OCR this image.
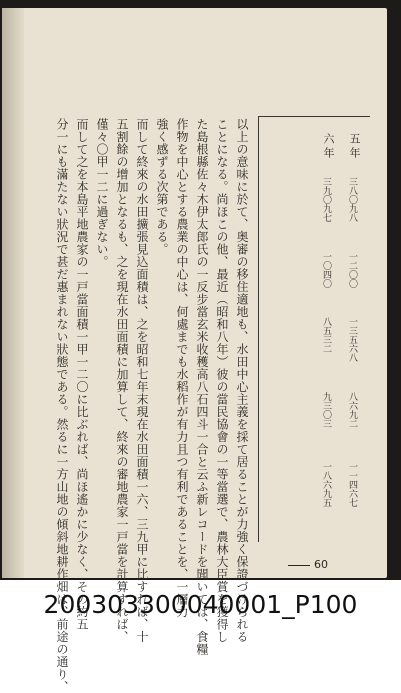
五年
六年
三八〇九八
一二〇〇
一三五六八
八六九二
一一四六七
三九〇九七
一〇四〇
八五三二
九三〇三
一八六九五
以上の意味に於て、奥審の移住適地も、水田中心主義を採て居ることが力強く保證づけられる
ことになる。尚ほこの他、最近（昭和八年）彼の當民協會の一等當選で、農林大臣賞を獲得し
た島根縣佐々木伊太郎氏の一反步當玄米收穫高八石四斗一合と云ふ新レコードを聞いては、食糧
作物を中心とする農業の中心は、何處までも水稻作が有力且つ有利であることを、一層力
強く感ずる次第である。
而して終來の水田擴張見込面積は、之を昭和七年末現在水田面積一六、三九甲に比すれば、十
五割餘の增加となるも、之を現在水田面積に加算して、終來の審地農家一戸當を計算すれば、
僅々〇甲一二に過ぎない。
而して之を本島平地農家の一戸當面積一甲一二〇に比ぶれば、尚ほ遙かに少なく、その約五
分一にも滿たない狀況で甚だ惠まれない狀態である。然るに一方山地の傾斜地耕作畑は、前途の通り、	60
200303300040001_P100
